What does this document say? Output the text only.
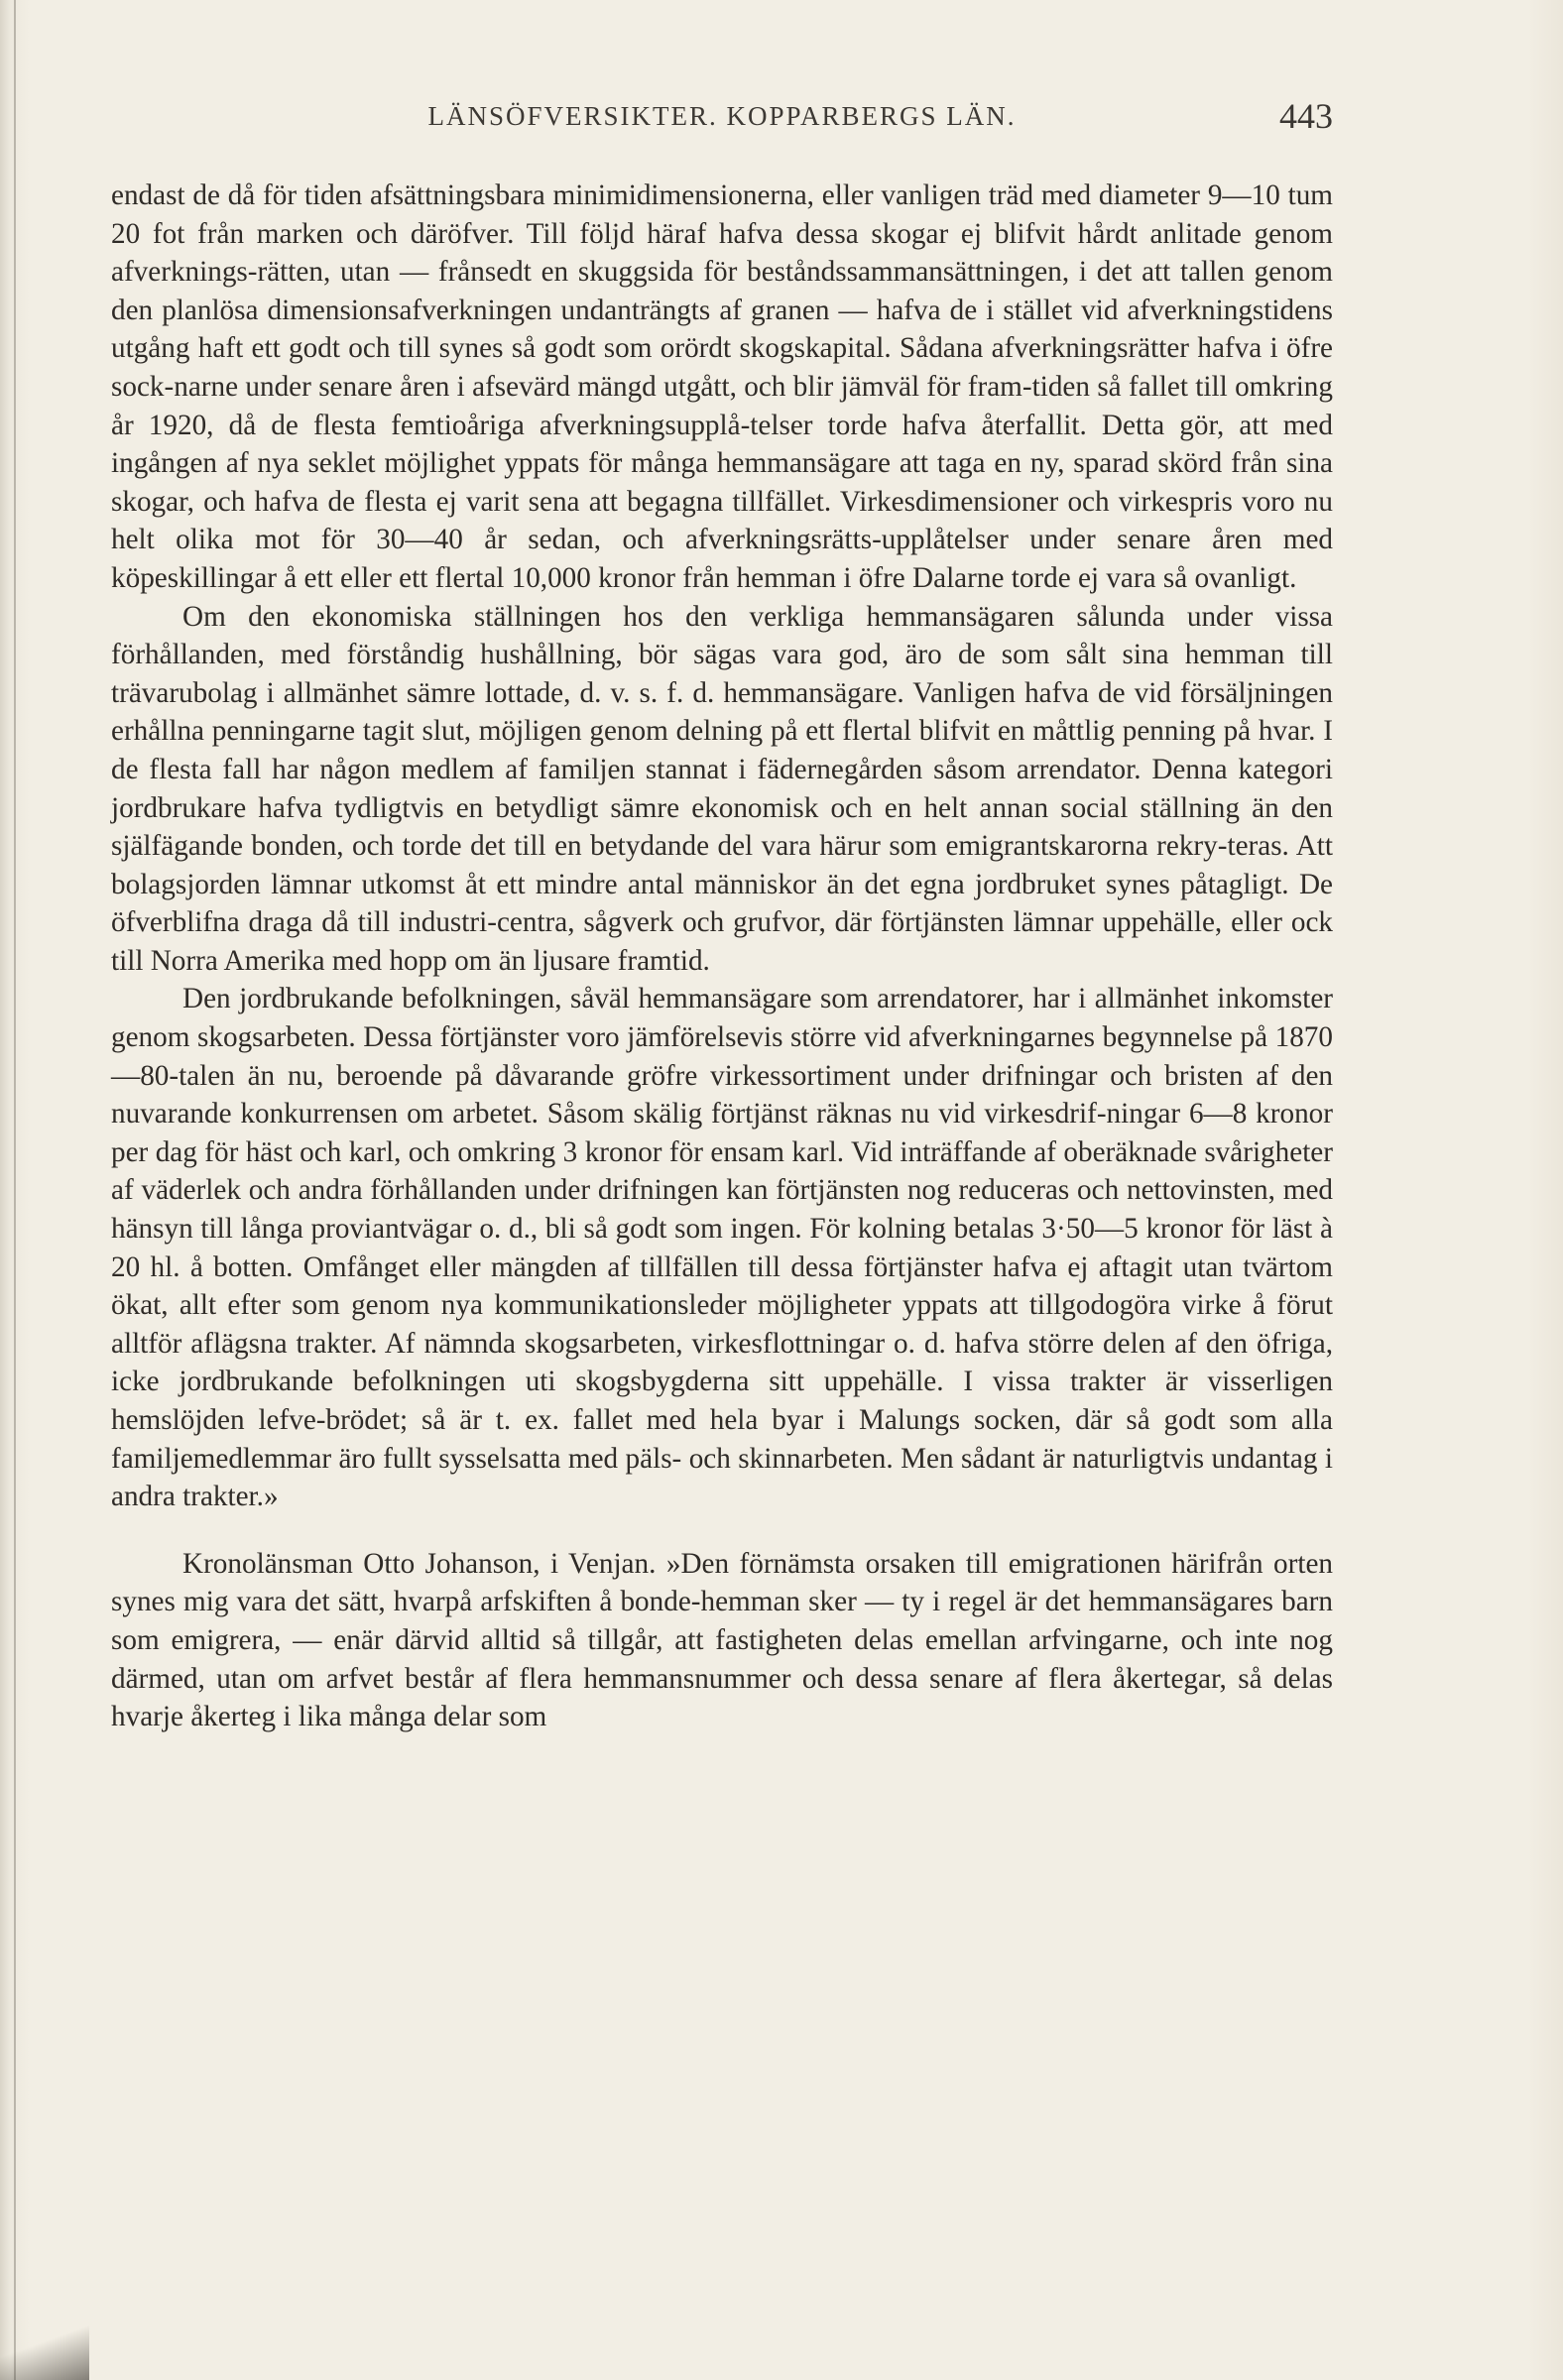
LÄNSÖFVERSIKTER. KOPPARBERGS LÄN.	443

endast de då för tiden afsättningsbara minimidimensionerna, eller vanligen träd med diameter 9—10 tum 20 fot från marken och däröfver. Till följd häraf hafva dessa skogar ej blifvit hårdt anlitade genom afverknings-rätten, utan — frånsedt en skuggsida för beståndssammansättningen, i det att tallen genom den planlösa dimensionsafverkningen undanträngts af granen — hafva de i stället vid afverkningstidens utgång haft ett godt och till synes så godt som orördt skogskapital. Sådana afverkningsrätter hafva i öfre sock-narne under senare åren i afsevärd mängd utgått, och blir jämväl för fram-tiden så fallet till omkring år 1920, då de flesta femtioåriga afverkningsupplå-telser torde hafva återfallit. Detta gör, att med ingången af nya seklet möjlighet yppats för många hemmansägare att taga en ny, sparad skörd från sina skogar, och hafva de flesta ej varit sena att begagna tillfället. Virkesdimensioner och virkespris voro nu helt olika mot för 30—40 år sedan, och afverkningsrätts-upplåtelser under senare åren med köpeskillingar å ett eller ett flertal 10,000 kronor från hemman i öfre Dalarne torde ej vara så ovanligt.

Om den ekonomiska ställningen hos den verkliga hemmansägaren sålunda under vissa förhållanden, med förståndig hushållning, bör sägas vara god, äro de som sålt sina hemman till trävarubolag i allmänhet sämre lottade, d. v. s. f. d. hemmansägare. Vanligen hafva de vid försäljningen erhållna penningarne tagit slut, möjligen genom delning på ett flertal blifvit en måttlig penning på hvar. I de flesta fall har någon medlem af familjen stannat i fädernegården såsom arrendator. Denna kategori jordbrukare hafva tydligtvis en betydligt sämre ekonomisk och en helt annan social ställning än den själfägande bonden, och torde det till en betydande del vara härur som emigrantskarorna rekry-teras. Att bolagsjorden lämnar utkomst åt ett mindre antal människor än det egna jordbruket synes påtagligt. De öfverblifna draga då till industri-centra, sågverk och grufvor, där förtjänsten lämnar uppehälle, eller ock till Norra Amerika med hopp om än ljusare framtid.

Den jordbrukande befolkningen, såväl hemmansägare som arrendatorer, har i allmänhet inkomster genom skogsarbeten. Dessa förtjänster voro jämförelsevis större vid afverkningarnes begynnelse på 1870—80-talen än nu, beroende på dåvarande gröfre virkessortiment under drifningar och bristen af den nuvarande konkurrensen om arbetet. Såsom skälig förtjänst räknas nu vid virkesdrif-ningar 6—8 kronor per dag för häst och karl, och omkring 3 kronor för ensam karl. Vid inträffande af oberäknade svårigheter af väderlek och andra förhållanden under drifningen kan förtjänsten nog reduceras och nettovinsten, med hänsyn till långa proviantvägar o. d., bli så godt som ingen. För kolning betalas 3·50—5 kronor för läst à 20 hl. å botten. Omfånget eller mängden af tillfällen till dessa förtjänster hafva ej aftagit utan tvärtom ökat, allt efter som genom nya kommunikationsleder möjligheter yppats att tillgodogöra virke å förut alltför aflägsna trakter. Af nämnda skogsarbeten, virkesflottningar o. d. hafva större delen af den öfriga, icke jordbrukande befolkningen uti skogsbygderna sitt uppehälle. I vissa trakter är visserligen hemslöjden lefve-brödet; så är t. ex. fallet med hela byar i Malungs socken, där så godt som alla familjemedlemmar äro fullt sysselsatta med päls- och skinnarbeten. Men sådant är naturligtvis undantag i andra trakter.»

Kronolänsman Otto Johanson, i Venjan. »Den förnämsta orsaken till emigrationen härifrån orten synes mig vara det sätt, hvarpå arfskiften å bonde-hemman sker — ty i regel är det hemmansägares barn som emigrera, — enär därvid alltid så tillgår, att fastigheten delas emellan arfvingarne, och inte nog därmed, utan om arfvet består af flera hemmansnummer och dessa senare af flera åkertegar, så delas hvarje åkerteg i lika många delar som
